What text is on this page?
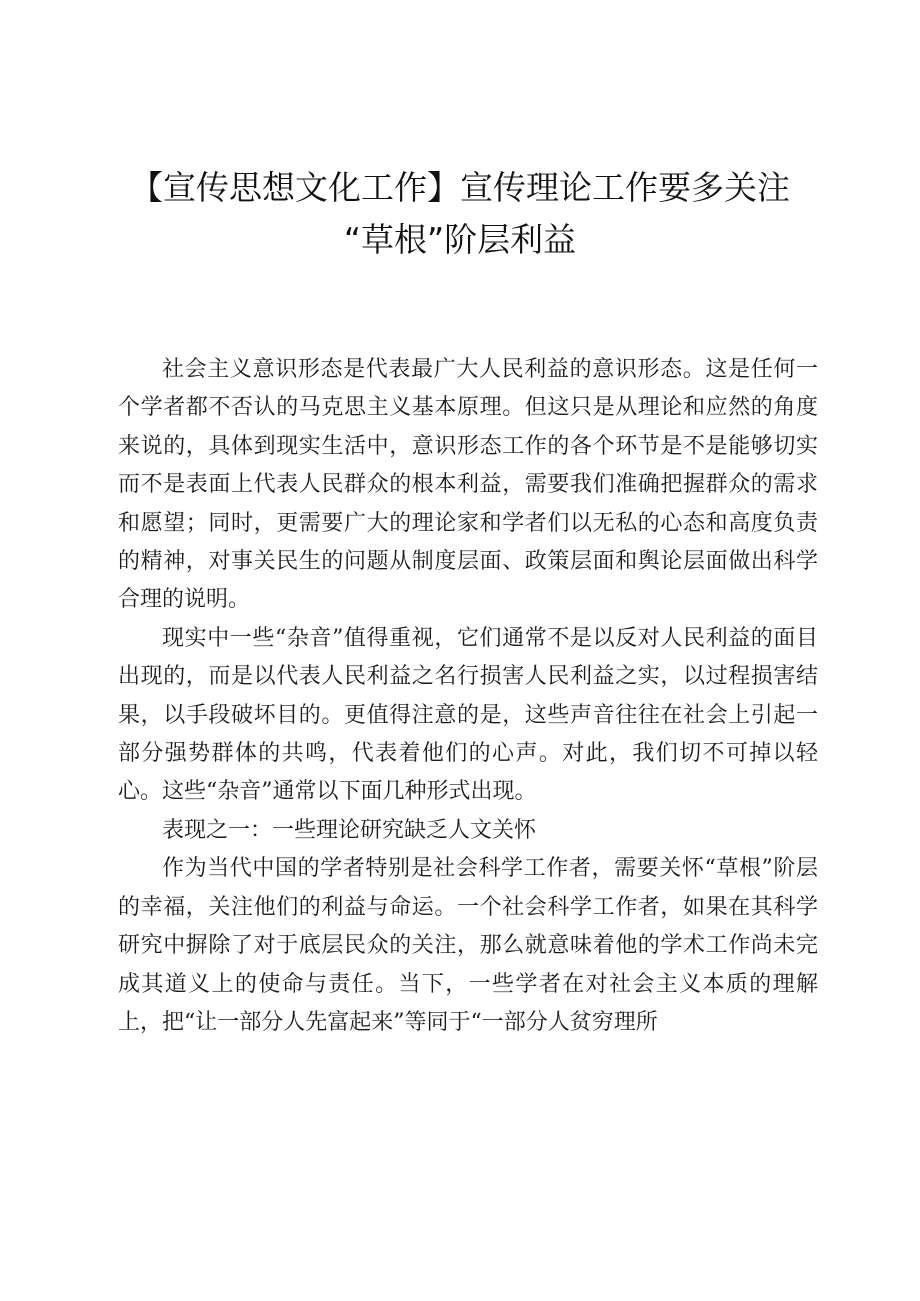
【宣传思想文化工作】宣传理论工作要多关注
“草根”阶层利益

社会主义意识形态是代表最广大人民利益的意识形态。这是任何一个学者都不否认的马克思主义基本原理。但这只是从理论和应然的角度来说的，具体到现实生活中，意识形态工作的各个环节是不是能够切实而不是表面上代表人民群众的根本利益，需要我们准确把握群众的需求和愿望；同时，更需要广大的理论家和学者们以无私的心态和高度负责的精神，对事关民生的问题从制度层面、政策层面和舆论层面做出科学合理的说明。

现实中一些“杂音”值得重视，它们通常不是以反对人民利益的面目出现的，而是以代表人民利益之名行损害人民利益之实，以过程损害结果，以手段破坏目的。更值得注意的是，这些声音往往在社会上引起一部分强势群体的共鸣，代表着他们的心声。对此，我们切不可掉以轻心。这些“杂音”通常以下面几种形式出现。

表现之一：一些理论研究缺乏人文关怀

作为当代中国的学者特别是社会科学工作者，需要关怀“草根”阶层的幸福，关注他们的利益与命运。一个社会科学工作者，如果在其科学研究中摒除了对于底层民众的关注，那么就意味着他的学术工作尚未完成其道义上的使命与责任。当下，一些学者在对社会主义本质的理解上，把“让一部分人先富起来”等同于“一部分人贫穷理所
